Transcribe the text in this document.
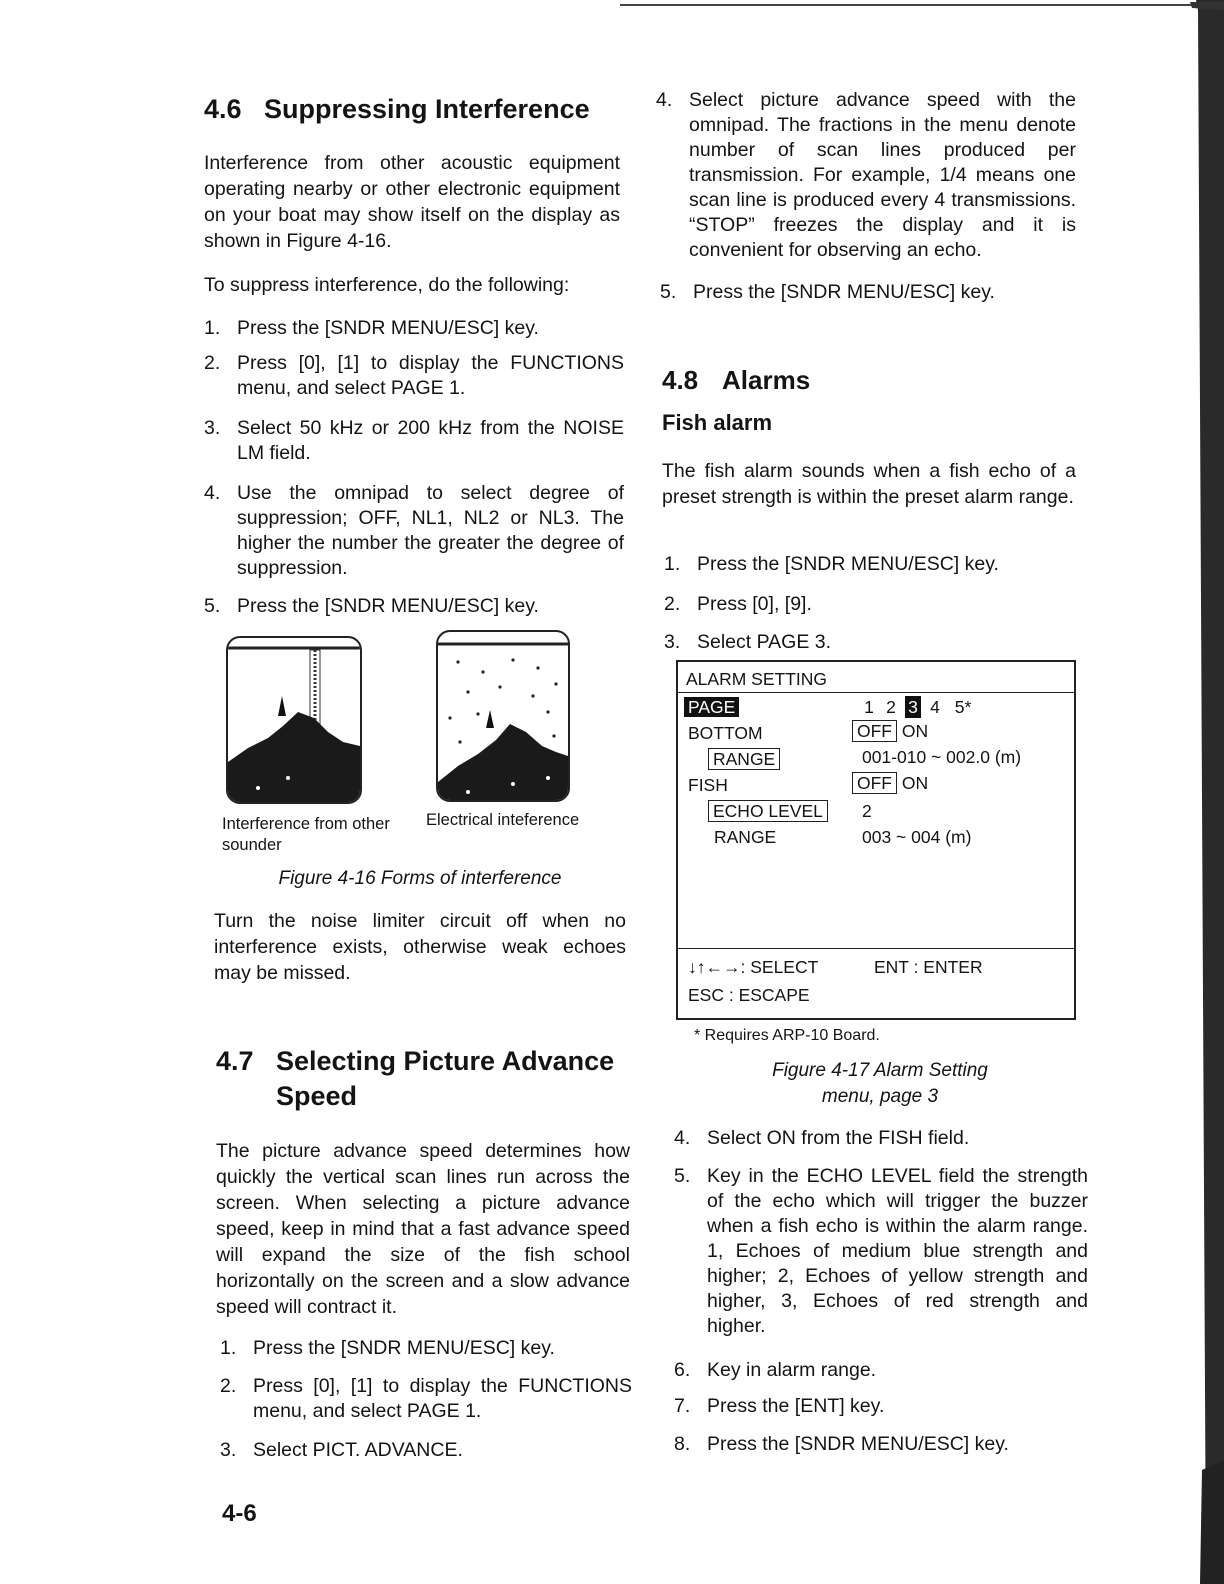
4.6 Suppressing Interference

Interference from other acoustic equipment operating nearby or other electronic equipment on your boat may show itself on the display as shown in Figure 4-16.

To suppress interference, do the following:

1. Press the [SNDR MENU/ESC] key.
2. Press [0], [1] to display the FUNCTIONS menu, and select PAGE 1.
3. Select 50 kHz or 200 kHz from the NOISE LM field.
4. Use the omnipad to select degree of suppression; OFF, NL1, NL2 or NL3. The higher the number the greater the degree of suppression.
5. Press the [SNDR MENU/ESC] key.
Interference from other sounder
Electrical inteference
Figure 4-16 Forms of interference

Turn the noise limiter circuit off when no interference exists, otherwise weak echoes may be missed.

4.7 Selecting Picture Advance Speed

The picture advance speed determines how quickly the vertical scan lines run across the screen. When selecting a picture advance speed, keep in mind that a fast advance speed will expand the size of the fish school horizontally on the screen and a slow advance speed will contract it.

1. Press the [SNDR MENU/ESC] key.
2. Press [0], [1] to display the FUNCTIONS menu, and select PAGE 1.
3. Select PICT. ADVANCE.
4-6
4. Select picture advance speed with the omnipad. The fractions in the menu denote number of scan lines produced per transmission. For example, 1/4 means one scan line is produced every 4 transmissions. “STOP” freezes the display and it is convenient for observing an echo.
5. Press the [SNDR MENU/ESC] key.
4.8 Alarms
Fish alarm

The fish alarm sounds when a fish echo of a preset strength is within the preset alarm range.

1. Press the [SNDR MENU/ESC] key.
2. Press [0], [9].
3. Select PAGE 3.
ALARM SETTING
PAGE	1 2 3 4 5*
BOTTOM	OFF ON
RANGE	001-010 ~ 002.0 (m)
FISH	OFF ON
ECHO LEVEL 2
RANGE	003 ~ 004 (m)
↓↑←→: SELECT	ENT : ENTER
ESC : ESCAPE
* Requires ARP-10 Board.
Figure 4-17 Alarm Setting
menu, page 3
4. Select ON from the FISH field.
5. Key in the ECHO LEVEL field the strength of the echo which will trigger the buzzer when a fish echo is within the alarm range. 1, Echoes of medium blue strength and higher; 2, Echoes of yellow strength and higher, 3, Echoes of red strength and higher.
6. Key in alarm range.
7. Press the [ENT] key.
8. Press the [SNDR MENU/ESC] key.
